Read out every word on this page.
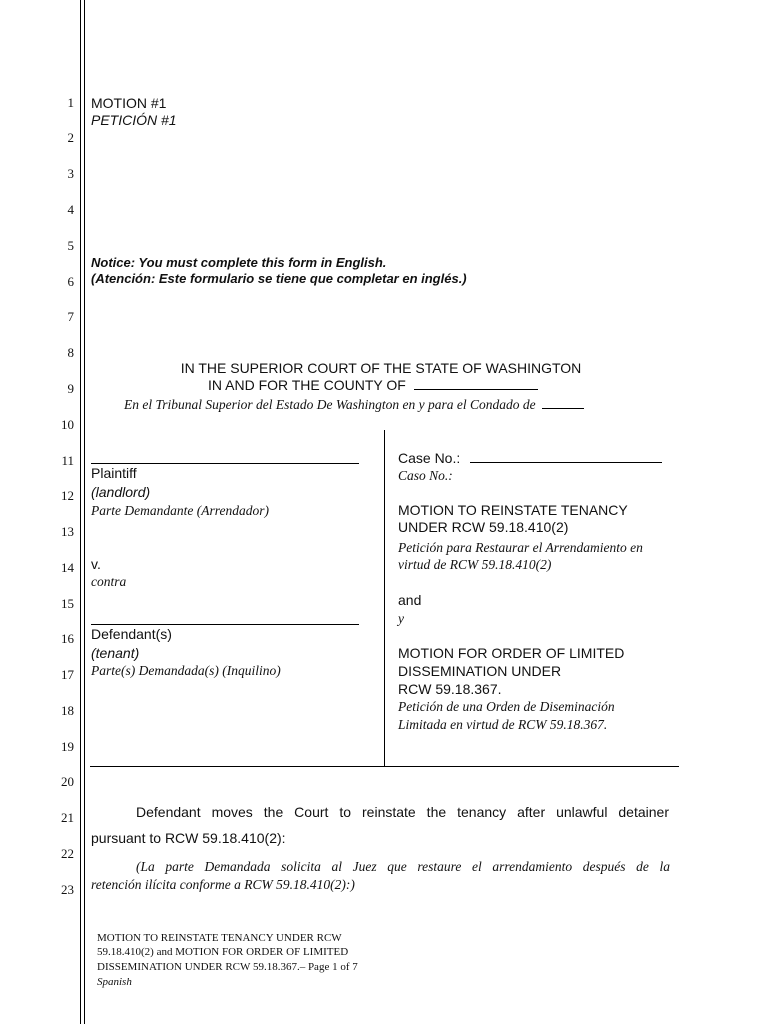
1
2
3
4
5
6
7
8
9
10
11
12
13
14
15
16
17
18
19
20
21
22
23
MOTION #1
PETICIÓN #1
Notice: You must complete this form in English.
(Atención: Este formulario se tiene que completar en inglés.)
IN THE SUPERIOR COURT OF THE STATE OF WASHINGTON
IN AND FOR THE COUNTY OF
En el Tribunal Superior del Estado De Washington en y para el Condado de
Plaintiff
(landlord)
Parte Demandante (Arrendador)
v.
contra
Defendant(s)
(tenant)
Parte(s) Demandada(s) (Inquilino)
Case No.:
Caso No.:
MOTION TO REINSTATE TENANCY
UNDER RCW 59.18.410(2)
Petición para Restaurar el Arrendamiento en
virtud de RCW 59.18.410(2)
and
y
MOTION FOR ORDER OF LIMITED
DISSEMINATION UNDER
RCW 59.18.367.
Petición de una Orden de Diseminación
Limitada en virtud de RCW 59.18.367.
Defendant moves the Court to reinstate the tenancy after unlawful detainer
pursuant to RCW 59.18.410(2):
(La parte Demandada solicita al Juez que restaure el arrendamiento después de la
retención ilícita conforme a RCW 59.18.410(2):)
MOTION TO REINSTATE TENANCY UNDER RCW
59.18.410(2) and MOTION FOR ORDER OF LIMITED
DISSEMINATION UNDER RCW 59.18.367.– Page 1 of 7
Spanish
